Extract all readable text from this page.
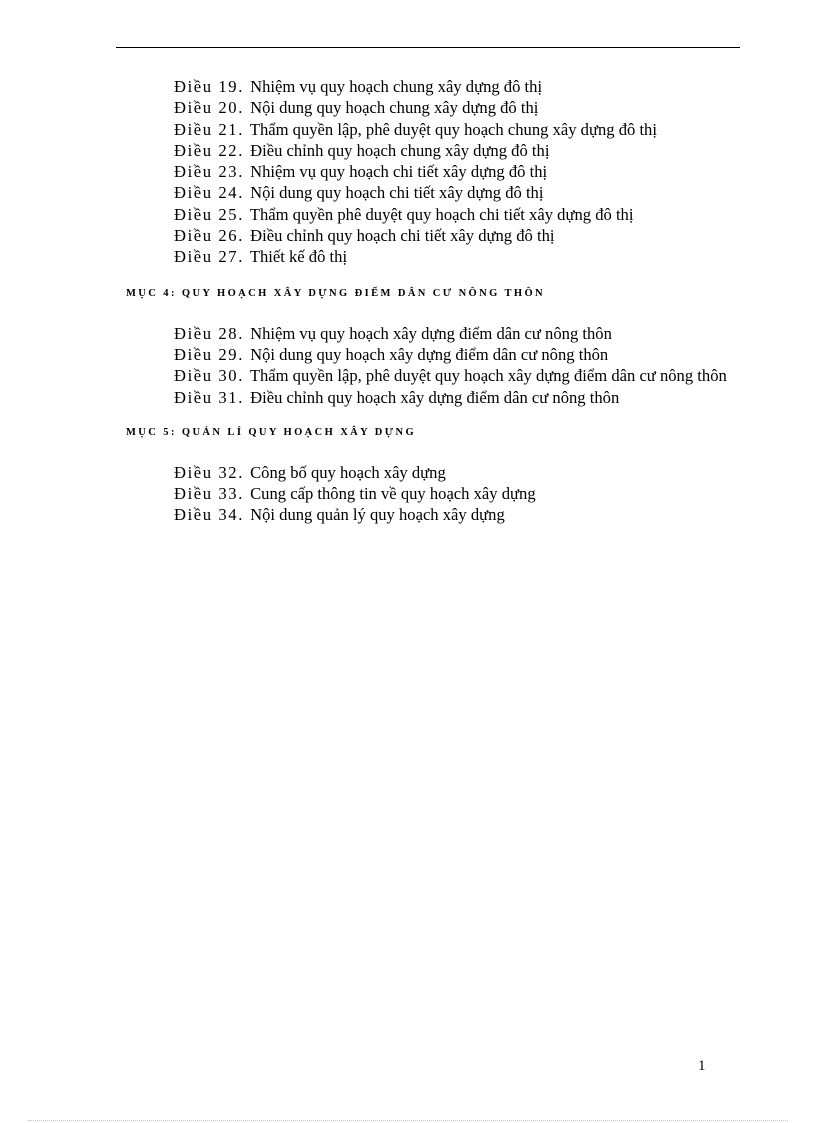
Điều 19. Nhiệm vụ quy hoạch chung xây dựng đô thị
Điều 20. Nội dung quy hoạch chung xây dựng đô thị
Điều 21. Thẩm quyền lập, phê duyệt quy hoạch chung xây dựng đô thị
Điều 22. Điều chỉnh quy hoạch chung xây dựng đô thị
Điều 23. Nhiệm vụ quy hoạch chi tiết xây dựng đô thị
Điều 24. Nội dung quy hoạch chi tiết xây dựng đô thị
Điều 25. Thẩm quyền phê duyệt quy hoạch chi tiết xây dựng đô thị
Điều 26. Điều chỉnh quy hoạch chi tiết xây dựng đô thị
Điều 27. Thiết kế đô thị
MỤC 4: QUY HOẠCH XÂY DỰNG ĐIỂM DÂN CƯ NÔNG THÔN
Điều 28. Nhiệm vụ quy hoạch xây dựng điểm dân cư nông thôn
Điều 29. Nội dung quy hoạch xây dựng điểm dân cư nông thôn
Điều 30. Thẩm quyền lập, phê duyệt quy hoạch xây dựng điểm dân cư nông thôn
Điều 31. Điều chỉnh quy hoạch xây dựng điểm dân cư nông thôn
MỤC 5: QUẢN LÍ QUY HOẠCH XÂY DỰNG
Điều 32. Công bố quy hoạch xây dựng
Điều 33. Cung cấp thông tin về quy hoạch xây dựng
Điều 34. Nội dung quản lý quy hoạch xây dựng
1
